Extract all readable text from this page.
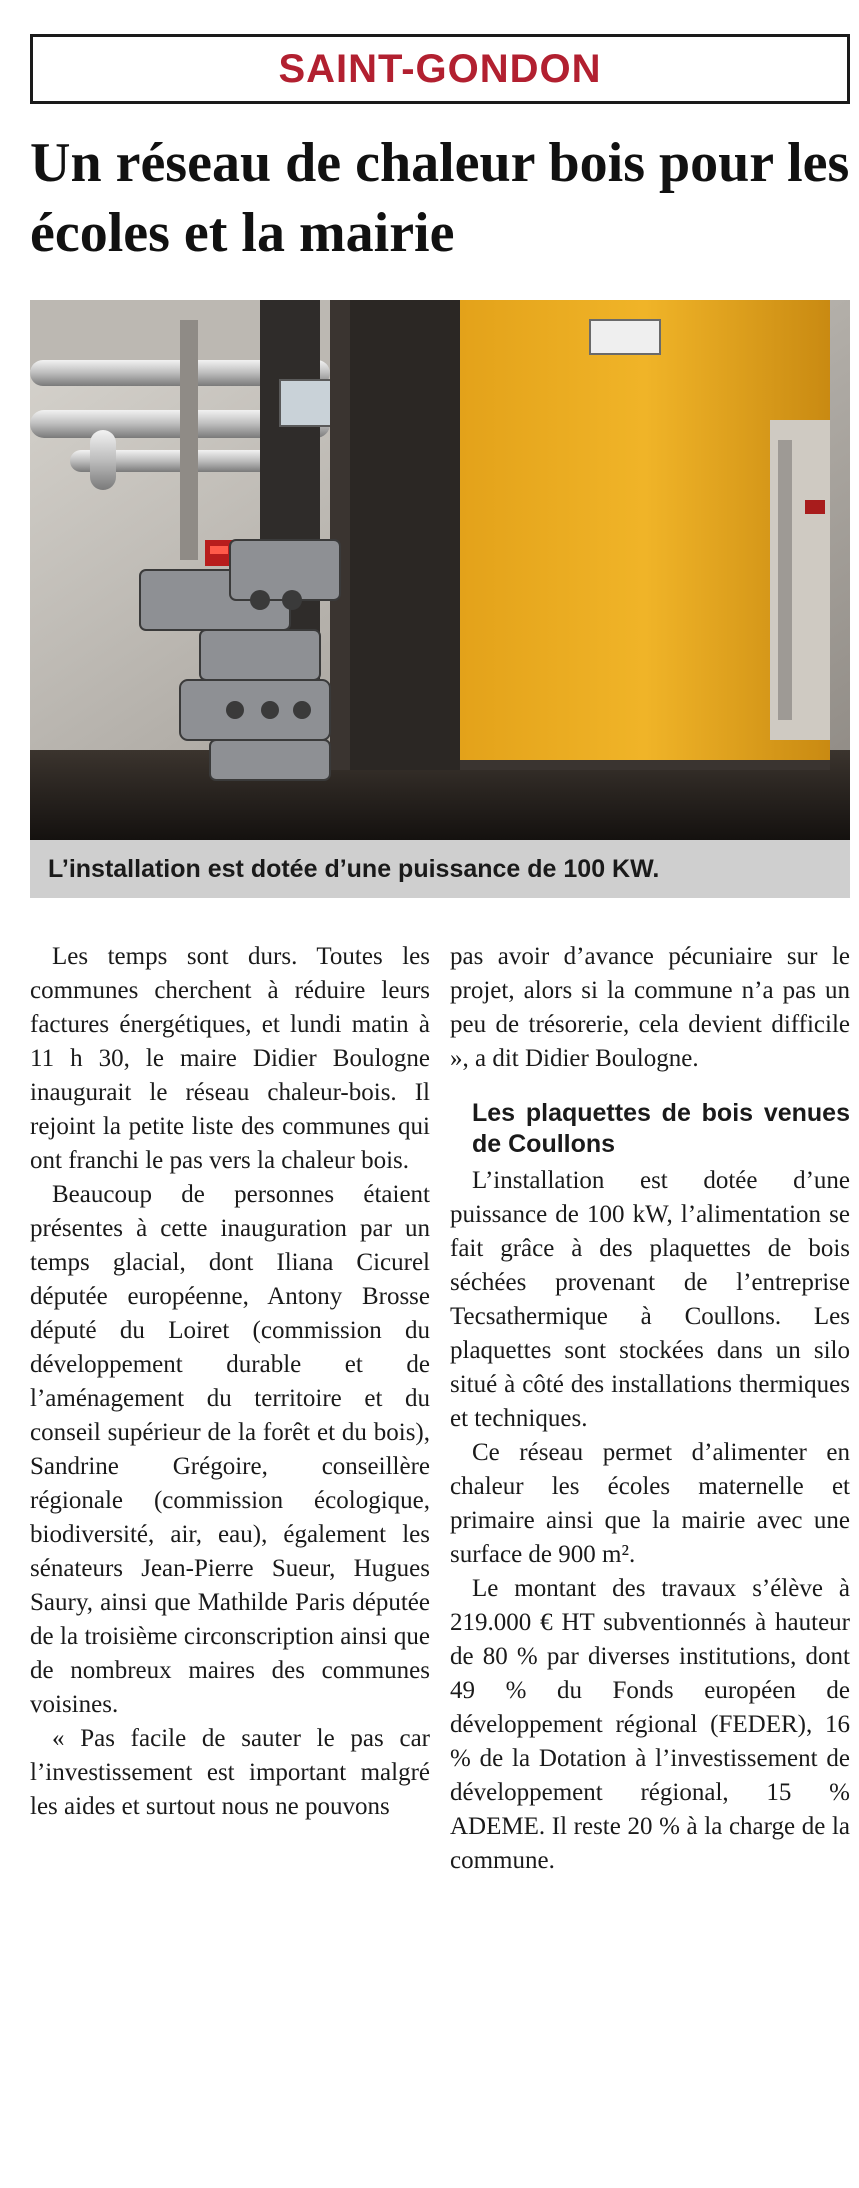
SAINT-GONDON
Un réseau de chaleur bois pour les écoles et la mairie
L’installation est dotée d’une puissance de 100 KW.

Les temps sont durs. Toutes les communes cherchent à réduire leurs factures énergétiques, et lundi matin à 11 h 30, le maire Didier Boulogne inaugurait le réseau chaleur-bois. Il rejoint la petite liste des communes qui ont franchi le pas vers la chaleur bois.

Beaucoup de personnes étaient présentes à cette inauguration par un temps glacial, dont Iliana Cicurel députée européenne, Antony Brosse député du Loiret (commission du développement durable et de l’aménagement du territoire et du conseil supérieur de la forêt et du bois), Sandrine Grégoire, conseillère régionale (commission écologique, biodiversité, air, eau), également les sénateurs Jean-Pierre Sueur, Hugues Saury, ainsi que Mathilde Paris députée de la troisième circonscription ainsi que de nombreux maires des communes voisines.

« Pas facile de sauter le pas car l’investissement est important malgré les aides et surtout nous ne pouvons

pas avoir d’avance pécuniaire sur le projet, alors si la commune n’a pas un peu de trésorerie, cela devient difficile », a dit Didier Boulogne.

Les plaquettes de bois venues de Coullons

L’installation est dotée d’une puissance de 100 kW, l’alimentation se fait grâce à des plaquettes de bois séchées provenant de l’entreprise Tecsathermique à Coullons. Les plaquettes sont stockées dans un silo situé à côté des installations thermiques et techniques.

Ce réseau permet d’alimenter en chaleur les écoles maternelle et primaire ainsi que la mairie avec une surface de 900 m².

Le montant des travaux s’élève à 219.000 € HT subventionnés à hauteur de 80 % par diverses institutions, dont 49 % du Fonds européen de développement régional (FEDER), 16 % de la Dotation à l’investissement de développement régional, 15 % ADEME. Il reste 20 % à la charge de la commune.
